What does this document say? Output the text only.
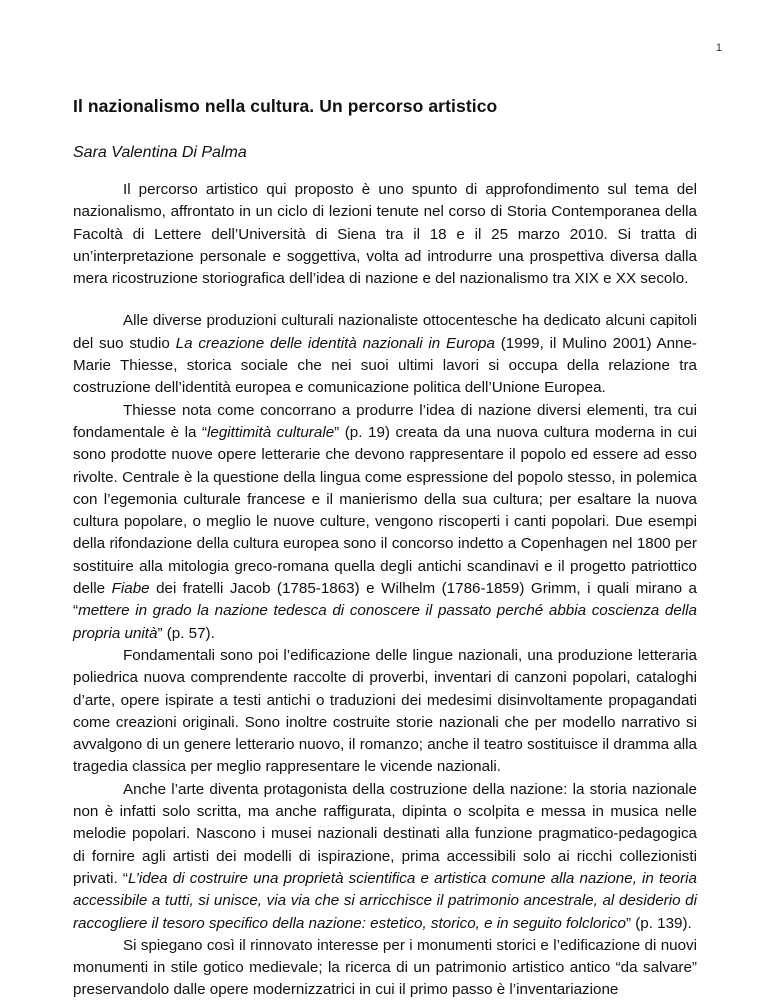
1
Il nazionalismo nella cultura. Un percorso artistico

Sara Valentina Di Palma

Il percorso artistico qui proposto è uno spunto di approfondimento sul tema del nazionalismo, affrontato in un ciclo di lezioni tenute nel corso di Storia Contemporanea della Facoltà di Lettere dell’Università di Siena tra il 18 e il 25 marzo 2010. Si tratta di un’interpretazione personale e soggettiva, volta ad introdurre una prospettiva diversa dalla mera ricostruzione storiografica dell’idea di nazione e del nazionalismo tra XIX e XX secolo.

Alle diverse produzioni culturali nazionaliste ottocentesche ha dedicato alcuni capitoli del suo studio La creazione delle identità nazionali in Europa (1999, il Mulino 2001) Anne-Marie Thiesse, storica sociale che nei suoi ultimi lavori si occupa della relazione tra costruzione dell’identità europea e comunicazione politica dell’Unione Europea.

Thiesse nota come concorrano a produrre l’idea di nazione diversi elementi, tra cui fondamentale è la “legittimità culturale” (p. 19) creata da una nuova cultura moderna in cui sono prodotte nuove opere letterarie che devono rappresentare il popolo ed essere ad esso rivolte. Centrale è la questione della lingua come espressione del popolo stesso, in polemica con l’egemonia culturale francese e il manierismo della sua cultura; per esaltare la nuova cultura popolare, o meglio le nuove culture, vengono riscoperti i canti popolari. Due esempi della rifondazione della cultura europea sono il concorso indetto a Copenhagen nel 1800 per sostituire alla mitologia greco-romana quella degli antichi scandinavi e il progetto patriottico delle Fiabe dei fratelli Jacob (1785-1863) e Wilhelm (1786-1859) Grimm, i quali mirano a “mettere in grado la nazione tedesca di conoscere il passato perché abbia coscienza della propria unità” (p. 57).

Fondamentali sono poi l’edificazione delle lingue nazionali, una produzione letteraria poliedrica nuova comprendente raccolte di proverbi, inventari di canzoni popolari, cataloghi d’arte, opere ispirate a testi antichi o traduzioni dei medesimi disinvoltamente propagandati come creazioni originali. Sono inoltre costruite storie nazionali che per modello narrativo si avvalgono di un genere letterario nuovo, il romanzo; anche il teatro sostituisce il dramma alla tragedia classica per meglio rappresentare le vicende nazionali.

Anche l’arte diventa protagonista della costruzione della nazione: la storia nazionale non è infatti solo scritta, ma anche raffigurata, dipinta o scolpita e messa in musica nelle melodie popolari. Nascono i musei nazionali destinati alla funzione pragmatico-pedagogica di fornire agli artisti dei modelli di ispirazione, prima accessibili solo ai ricchi collezionisti privati. “L’idea di costruire una proprietà scientifica e artistica comune alla nazione, in teoria accessibile a tutti, si unisce, via via che si arricchisce il patrimonio ancestrale, al desiderio di raccogliere il tesoro specifico della nazione: estetico, storico, e in seguito folclorico” (p. 139).

Si spiegano così il rinnovato interesse per i monumenti storici e l’edificazione di nuovi monumenti in stile gotico medievale; la ricerca di un patrimonio artistico antico “da salvare” preservandolo dalle opere modernizzatrici in cui il primo passo è l’inventariazione
